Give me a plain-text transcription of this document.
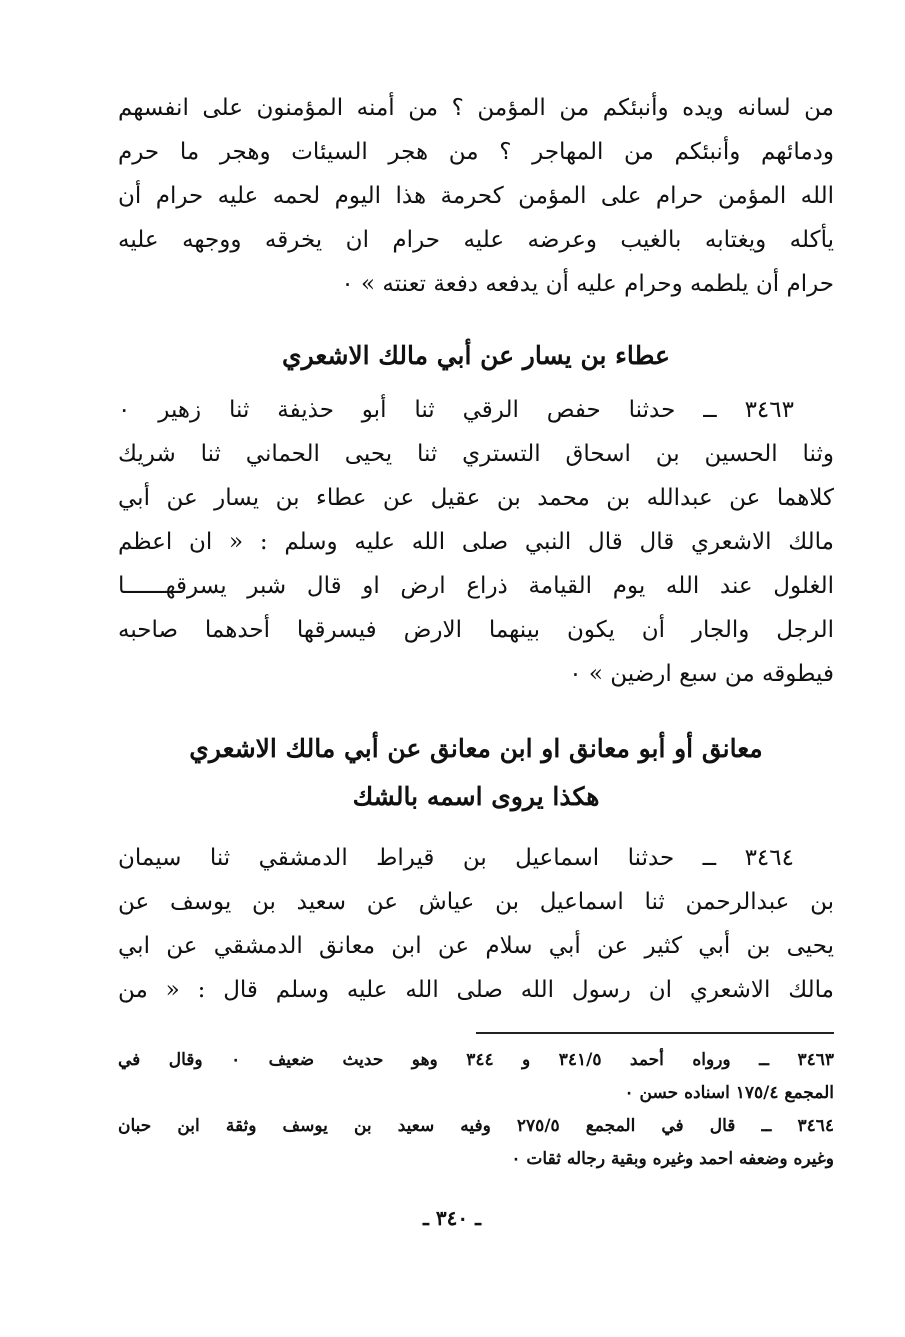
من لسانه ويده وأنبئكم من المؤمن ؟ من أمنه المؤمنون على انفسهم
ودمائهم وأنبئكم من المهاجر ؟ من هجر السيئات وهجر ما حرم
الله المؤمن حرام على المؤمن كحرمة هذا اليوم لحمه عليه حرام أن
يأكله ويغتابه بالغيب وعرضه عليه حرام ان يخرقه ووجهه عليه
حرام أن يلطمه وحرام عليه أن يدفعه دفعة تعنته » ٠
عطاء بن يسار عن أبي مالك الاشعري
٣٤٦٣ ــ حدثنا حفص الرقي ثنا أبو حذيفة ثنا زهير ٠
وثنا الحسين بن اسحاق التستري ثنا يحيى الحماني ثنا شريك
كلاهما عن عبدالله بن محمد بن عقيل عن عطاء بن يسار عن أبي
مالك الاشعري قال قال النبي صلى الله عليه وسلم : « ان اعظم
الغلول عند الله يوم القيامة ذراع ارض او قال شبر يسرقهــــــا
الرجل والجار أن يكون بينهما الارض فيسرقها أحدهما صاحبه
فيطوقه من سبع ارضين » ٠
معانق أو أبو معانق او ابن معانق عن أبي مالك الاشعري
هكذا يروى اسمه بالشك
٣٤٦٤ ــ حدثنا اسماعيل بن قيراط الدمشقي ثنا سيمان
بن عبدالرحمن ثنا اسماعيل بن عياش عن سعيد بن يوسف عن
يحيى بن أبي كثير عن أبي سلام عن ابن معانق الدمشقي عن ابي
مالك الاشعري ان رسول الله صلى الله عليه وسلم قال : « من
٣٤٦٣ ــ ورواه أحمد ٣٤١/٥ و ٣٤٤ وهو حديث ضعيف ٠ وقال في
المجمع ١٧٥/٤ اسناده حسن ٠
٣٤٦٤ ــ قال في المجمع ٢٧٥/٥ وفيه سعيد بن يوسف وثقة ابن حبان
وغيره وضعفه احمد وغيره وبقية رجاله ثقات ٠
ـ ٣٤٠ ـ
